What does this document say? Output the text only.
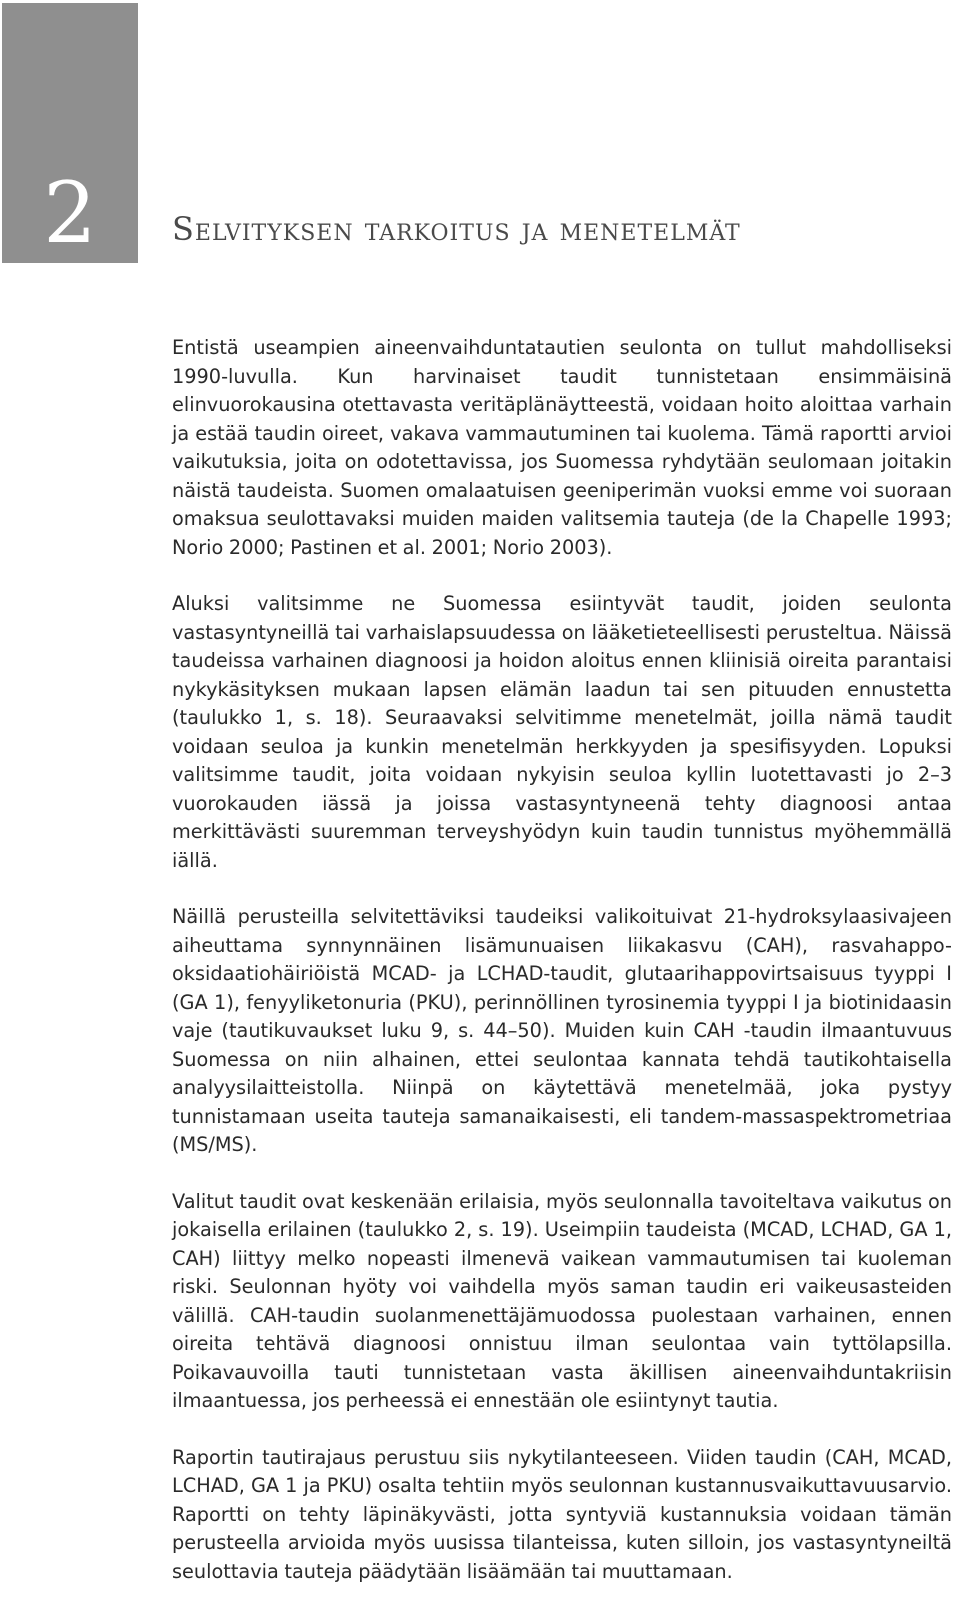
2	Selvityksen tarkoitus ja menetelmät

Entistä useampien aineenvaihduntatautien seulonta on tullut mahdolliseksi 1990-luvulla. Kun harvinaiset taudit tunnistetaan ensimmäisinä elinvuorokausina otettavasta veritäplänäytteestä, voidaan hoito aloittaa varhain ja estää taudin oireet, vakava vammautuminen tai kuolema. Tämä raportti arvioi vaikutuksia, joita on odotettavissa, jos Suomessa ryhdytään seulomaan joitakin näistä taudeista. Suomen omalaatuisen geeniperimän vuoksi emme voi suoraan omaksua seulottavaksi muiden maiden valitsemia tauteja (de la Chapelle 1993; Norio 2000; Pastinen et al. 2001; Norio 2003).

Aluksi valitsimme ne Suomessa esiintyvät taudit, joiden seulonta vastasyntyneillä tai varhaislapsuudessa on lääketieteellisesti perusteltua. Näissä taudeissa varhainen diagnoosi ja hoidon aloitus ennen kliinisiä oireita parantaisi nykykäsityksen mukaan lapsen elämän laadun tai sen pituuden ennustetta (taulukko 1, s. 18). Seuraavaksi selvitimme menetelmät, joilla nämä taudit voidaan seuloa ja kunkin menetelmän herkkyyden ja spesifisyyden. Lopuksi valitsimme taudit, joita voidaan nykyisin seuloa kyllin luotettavasti jo 2–3 vuorokauden iässä ja joissa vastasyntyneenä tehty diagnoosi antaa merkittävästi suuremman terveyshyödyn kuin taudin tunnistus myöhemmällä iällä.

Näillä perusteilla selvitettäviksi taudeiksi valikoituivat 21-hydroksylaasivajeen aiheuttama synnynnäinen lisämunuaisen liikakasvu (CAH), rasvahappo-oksidaatiohäiriöistä MCAD- ja LCHAD-taudit, glutaarihappovirtsaisuus tyyppi I (GA 1), fenyyliketonuria (PKU), perinnöllinen tyrosinemia tyyppi I ja biotinidaasin vaje (tautikuvaukset luku 9, s. 44–50). Muiden kuin CAH -taudin ilmaantuvuus Suomessa on niin alhainen, ettei seulontaa kannata tehdä tautikohtaisella analyysilaitteistolla. Niinpä on käytettävä menetelmää, joka pystyy tunnistamaan useita tauteja samanaikaisesti, eli tandem-massaspektrometriaa (MS/MS).

Valitut taudit ovat keskenään erilaisia, myös seulonnalla tavoiteltava vaikutus on jokaisella erilainen (taulukko 2, s. 19). Useimpiin taudeista (MCAD, LCHAD, GA 1, CAH) liittyy melko nopeasti ilmenevä vaikean vammautumisen tai kuoleman riski. Seulonnan hyöty voi vaihdella myös saman taudin eri vaikeusasteiden välillä. CAH-taudin suolanmenettäjämuodossa puolestaan varhainen, ennen oireita tehtävä diagnoosi onnistuu ilman seulontaa vain tyttölapsilla. Poikavauvoilla tauti tunnistetaan vasta äkillisen aineenvaihduntakriisin ilmaantuessa, jos perheessä ei ennestään ole esiintynyt tautia.

Raportin tautirajaus perustuu siis nykytilanteeseen. Viiden taudin (CAH, MCAD, LCHAD, GA 1 ja PKU) osalta tehtiin myös seulonnan kustannusvaikuttavuusarvio. Raportti on tehty läpinäkyvästi, jotta syntyviä kustannuksia voidaan tämän perusteella arvioida myös uusissa tilanteissa, kuten silloin, jos vastasyntyneiltä seulottavia tauteja päädytään lisäämään tai muuttamaan.
